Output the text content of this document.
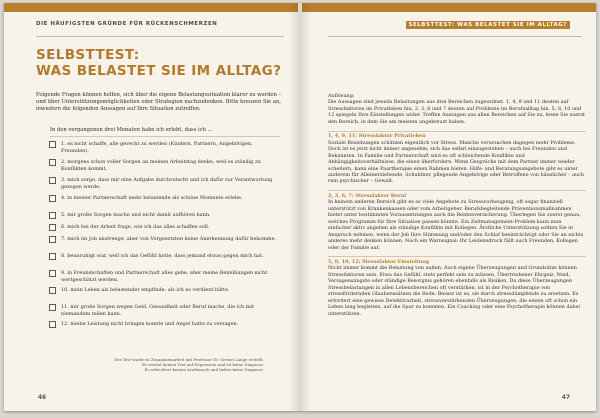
DIE HÄUFIGSTEN GRÜNDE FÜR RÜCKENSCHMERZEN
SELBSTTEST:
WAS BELASTET SIE IM ALLTAG?
Folgende Fragen können helfen, sich über die eigene Belastungssituation klarer zu werden – und über Unterstützungsmöglichkeiten oder Strategien nachzudenken. Bitte kreuzen Sie an, inwiefern die folgenden Aussagen auf Ihre Situation zutreffen:
In den vergangenen drei Monaten habe ich erlebt, dass ich ...
1. es nicht schaffe, alle gerecht zu werden (Kindern, Partnern, Angehörigen, Freunden).
2. morgens schon voller Sorgen an meinen Arbeitstag denke, weil es ständig zu Konflikten kommt.
3. mich sorge, dass mir eine Aufgabe durchrutscht und ich dafür zur Verantwortung gezogen werde.
4. in meiner Partnerschaft mehr belastende als schöne Momente erlebe.
5. mir große Sorgen mache und nicht damit aufhören kann.
6. mich bei der Arbeit frage, wie ich das alles schaffen soll.
7. mich im Job anstrenge, aber von Vorgesetzten keine Anerkennung dafür bekomme.
8. beunruhigt war, weil ich das Gefühl hatte, dass jemand etwas gegen mich hat.
9. in Freundschaften und Partnerschaft alles gebe, aber meine Bemühungen nicht wertgeschätzt werden.
10. mein Leben als belastender empfinde, als ich es verdient hätte.
11. mir große Sorgen wegen Geld, Gesundheit oder Beruf mache, die ich mit niemandem teilen kann.
12. meine Leistung nicht bringen konnte und Angst hatte zu versagen.
Der Test wurde in Zusammenarbeit mit Professor Dr. Gernot Lange erstellt.
Er ersetzt keinen Test auf Depression und ist keine Diagnose.
Er erleichtert keinen Arztbesuch und liefert keine Diagnose.
46
SELBSTTEST: WAS BELASTET SIE IM ALLTAG?

Auflösung:

Die Aussagen sind jeweils Belastungen aus drei Bereichen zugeordnet. 1, 4, 9 und 11 deuten auf Stressfaktoren im Privatleben hin, 2, 3, 6 und 7 deuten auf Probleme im Berufsalltag hin. 5, 8, 10 und 12 spiegeln Ihre Einstellungen wider. Treffen Aussagen aus allen Bereichen auf Sie zu, lesen Sie zuerst den Bereich, in dem Sie am meisten angekreuzt haben.

1, 4, 9, 11: Stressfaktor Privatleben

Soziale Beziehungen schützen eigentlich vor Stress. Manche verursachen dagegen mehr Probleme. Doch ist es jetzt nicht immer angenehm, sich das selbst einzugestehen – auch bei Freunden und Bekannten. In Familie und Partnerschaft sind es oft schleichende Konflikte und Abhängigkeitsverhältnisse, die einen überfordern. Wenn Gespräche mit dem Partner immer wieder scheitern, kann eine Paartherapie einen Rahmen bieten. Hilfs- und Beratungsangebote gibt es unter anderem für Alleinerziehende, Schuldner, pflegende Angehörige oder Betroffene von häuslicher – auch rein psychischer – Gewalt.

2, 3, 6, 7: Stressfaktor Beruf

In keinem anderen Bereich gibt es so viele Angebote zu Stressvorbeugung, oft sogar finanziell unterstützt von Krankenkassen oder vom Arbeitgeber. Berufsbegleitende Präventionsmaßnahmen bietet unter bestimmten Voraussetzungen auch die Rentenversicherung. Überlegen Sie zuerst genau, welches Programm für Ihre Situation passen könnte. Ein Zeitmanagement-Problem kann man einfacher aktiv angehen als ständige Konflikte mit Kollegen. Ärztliche Unterstützung sollten Sie in Anspruch nehmen, wenn der Job Ihre Stimmung und/oder den Schlaf beeinträchtigt oder Sie an nichts anderes mehr denken können. Noch ein Warnsignal: Ihr Leidensdruck fällt auch Freunden, Kollegen oder der Familie auf.

5, 8, 10, 12: Stressfaktor Einstellung

Nicht immer kommt die Belastung von außen. Auch eigene Überzeugungen und Grundsätze können Stressfaktoren sein. Etwa das Gefühl, stets perfekt sein zu müssen. Übertriebener Ehrgeiz, Neid, Versagensängste oder ständige Besorgnis gehören ebenfalls als Risiken. Da diese Überzeugungen Stressbelastungen in allen Lebensbereichen oft verstärken, ist in der Psychotherapie von stressfördernden Glaubenssätzen die Rede. Besser ist es, sie durch stressdämpfende zu ersetzen. Es erfordert eine gewisse Detektivarbeit, stressverstärkenden Überzeugungen, die einem oft schon ein Leben lang begleiten, auf die Spur zu kommen. Ein Coaching oder eine Psychotherapie können dabei unterstützen.

47
